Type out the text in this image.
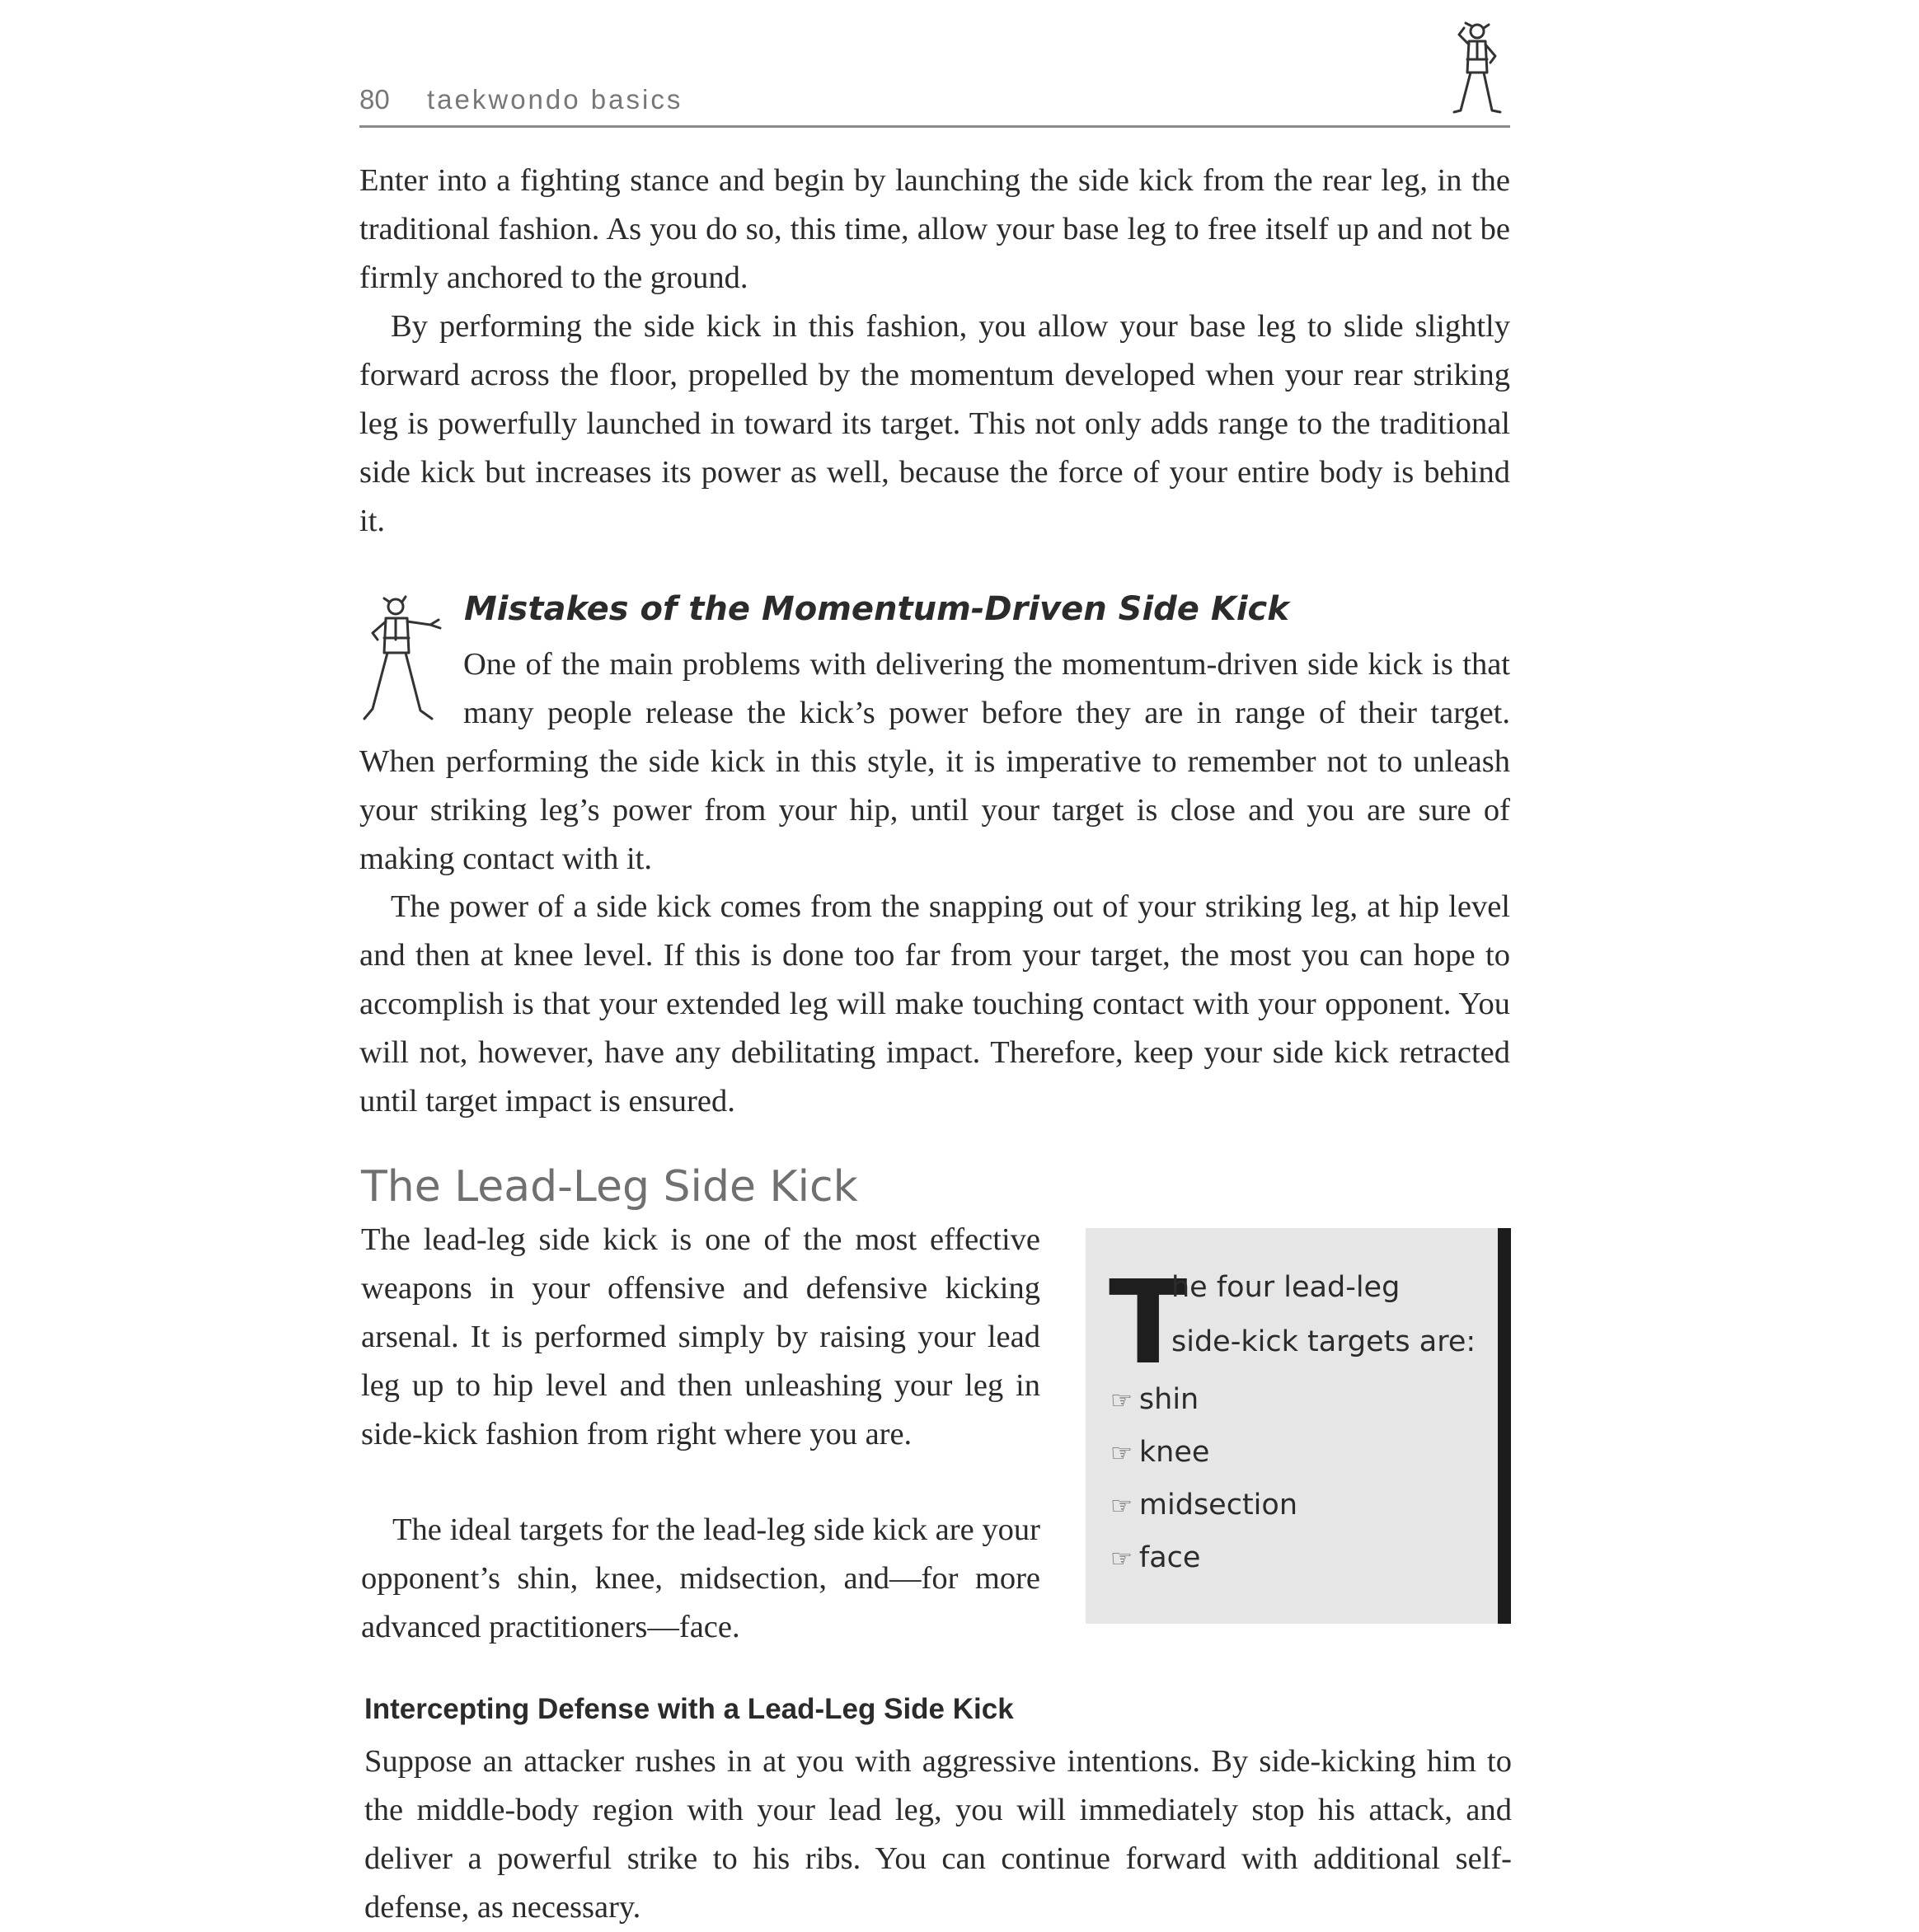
80 taekwondo basics

Enter into a fighting stance and begin by launching the side kick from the rear leg, in the traditional fashion. As you do so, this time, allow your base leg to free itself up and not be firmly anchored to the ground.

By performing the side kick in this fashion, you allow your base leg to slide slightly forward across the floor, propelled by the momentum developed when your rear striking leg is powerfully launched in toward its target. This not only adds range to the traditional side kick but increases its power as well, because the force of your entire body is behind it.

Mistakes of the Momentum-Driven Side Kick

One of the main problems with delivering the momentum-driven side kick is that many people release the kick’s power before they are in range of their target. When performing the side kick in this style, it is imperative to remember not to unleash your striking leg’s power from your hip, until your target is close and you are sure of making contact with it.

The power of a side kick comes from the snapping out of your striking leg, at hip level and then at knee level. If this is done too far from your target, the most you can hope to accomplish is that your extended leg will make touching contact with your opponent. You will not, however, have any debilitating impact. Therefore, keep your side kick retracted until target impact is ensured.

The Lead-Leg Side Kick

The lead-leg side kick is one of the most effective weapons in your offensive and defensive kicking arsenal. It is performed simply by raising your lead leg up to hip level and then unleashing your leg in side-kick fashion from right where you are.

The ideal targets for the lead-leg side kick are your opponent’s shin, knee, midsection, and—for more advanced practitioners—face.

T
he four lead-leg
side-kick targets are:
☞ shin
☞ knee
☞ midsection
☞ face
Intercepting Defense with a Lead-Leg Side Kick

Suppose an attacker rushes in at you with aggressive intentions. By side-kicking him to the middle-body region with your lead leg, you will immediately stop his attack, and deliver a powerful strike to his ribs. You can continue forward with additional self-defense, as necessary.
